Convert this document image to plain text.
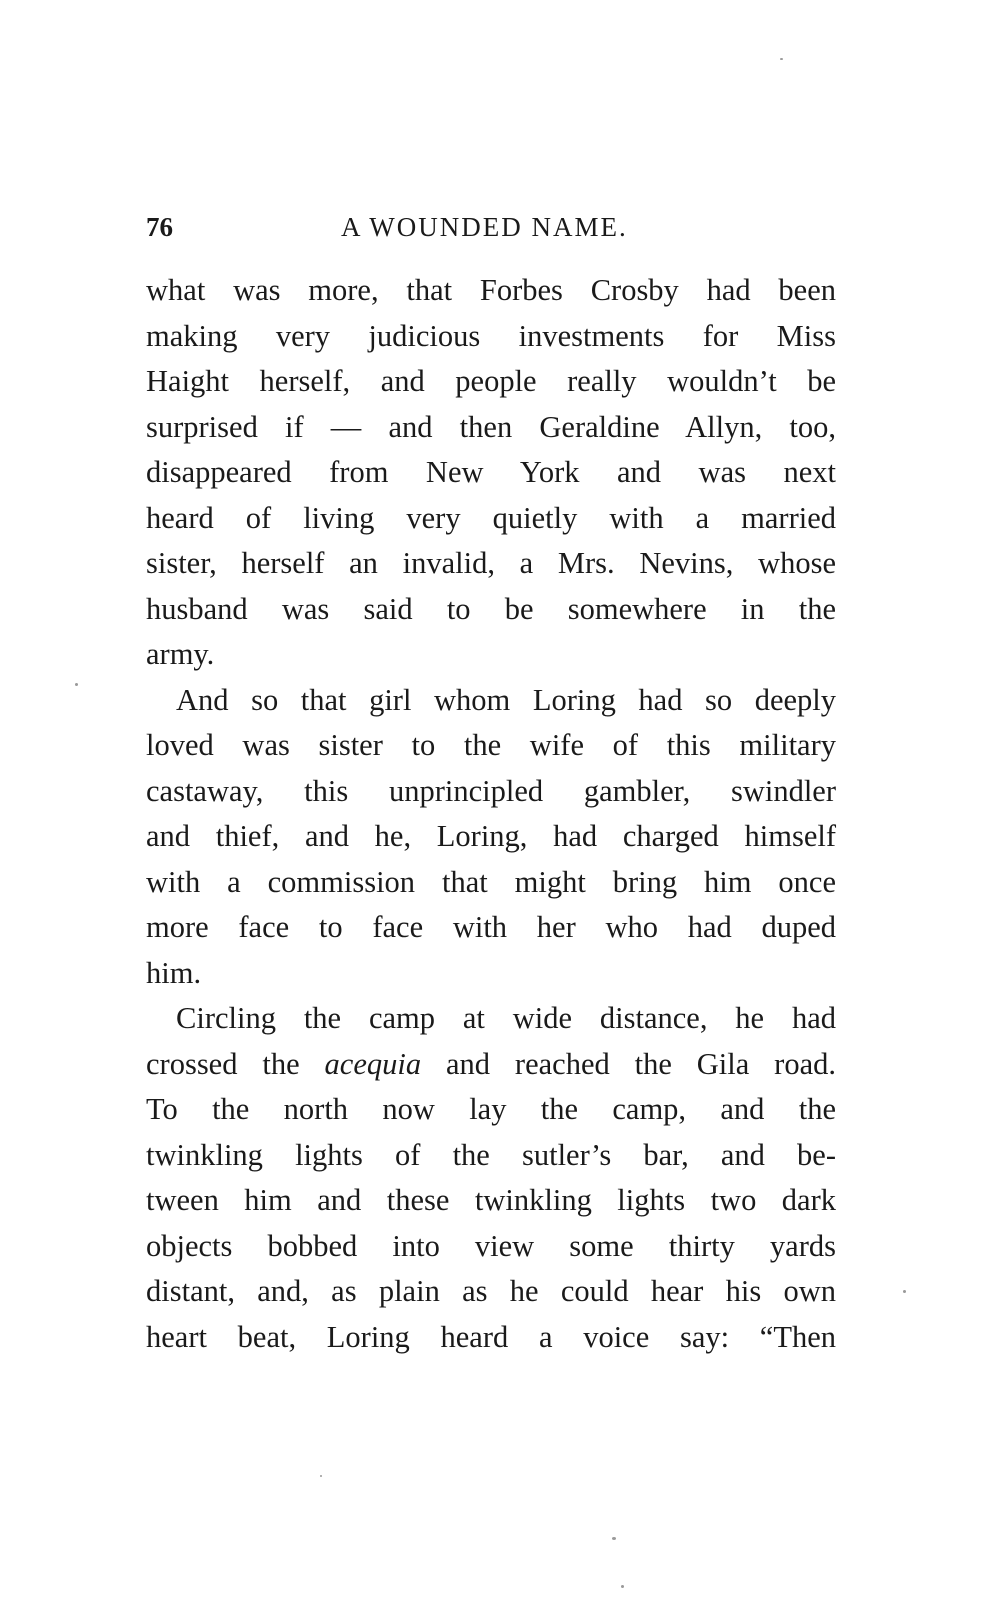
76	A WOUNDED NAME.
what was more, that Forbes Crosby had been
making very judicious investments for Miss
Haight herself, and people really wouldn’t be
surprised if — and then Geraldine Allyn, too,
disappeared from New York and was next
heard of living very quietly with a married
sister, herself an invalid, a Mrs. Nevins, whose
husband was said to be somewhere in the
army.
And so that girl whom Loring had so deeply
loved was sister to the wife of this military
castaway, this unprincipled gambler, swindler
and thief, and he, Loring, had charged himself
with a commission that might bring him once
more face to face with her who had duped
him.
Circling the camp at wide distance, he had
crossed the acequia and reached the Gila road.
To the north now lay the camp, and the
twinkling lights of the sutler’s bar, and be-
tween him and these twinkling lights two dark
objects bobbed into view some thirty yards
distant, and, as plain as he could hear his own
heart beat, Loring heard a voice say: “Then
